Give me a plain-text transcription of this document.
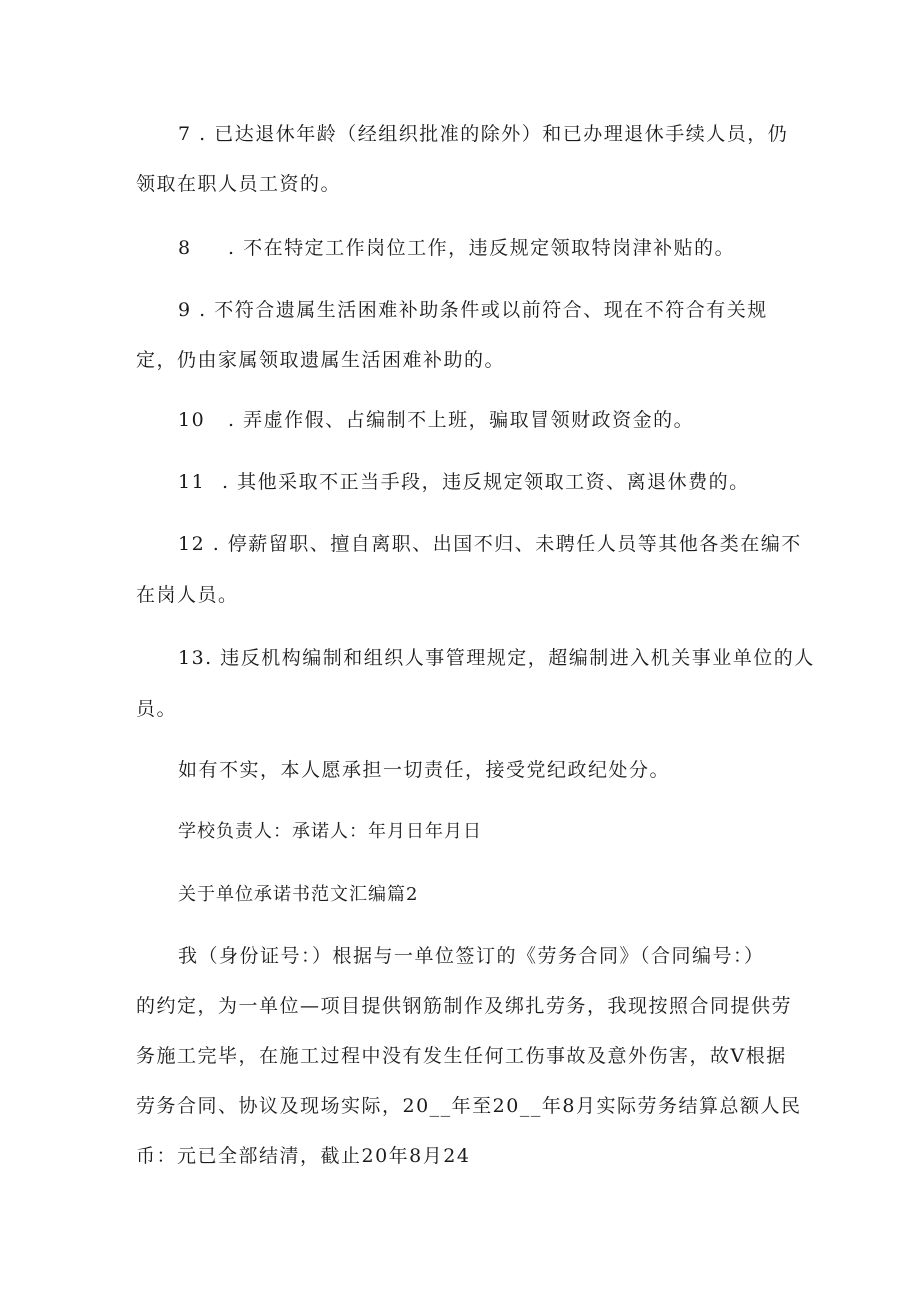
7 . 已达退休年龄（经组织批准的除外）和已办理退休手续人员，仍
领取在职人员工资的。
8 . 不在特定工作岗位工作，违反规定领取特岗津补贴的。
9 . 不符合遗属生活困难补助条件或以前符合、现在不符合有关规
定，仍由家属领取遗属生活困难补助的。
10 . 弄虚作假、占编制不上班，骗取冒领财政资金的。
11 . 其他采取不正当手段，违反规定领取工资、离退休费的。
12 . 停薪留职、擅自离职、出国不归、未聘任人员等其他各类在编不
在岗人员。
13. 违反机构编制和组织人事管理规定，超编制进入机关事业单位的人
员。
如有不实，本人愿承担一切责任，接受党纪政纪处分。
学校负责人：承诺人：年月日年月日
关于单位承诺书范文汇编篇2
我（身份证号：）根据与一单位签订的《劳务合同》（合同编号：）
的约定，为一单位—项目提供钢筋制作及绑扎劳务，我现按照合同提供劳
务施工完毕，在施工过程中没有发生任何工伤事故及意外伤害，故V根据
劳务合同、协议及现场实际，20__年至20__年8月实际劳务结算总额人民
币：元已全部结清，截止20年8月24
